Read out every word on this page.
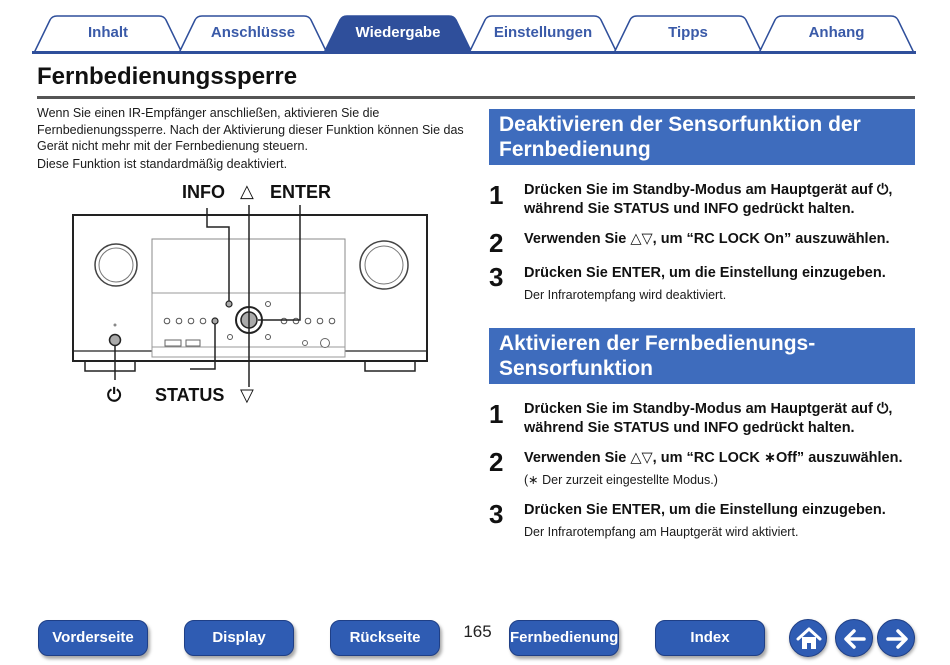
Inhalt	Anschlüsse	Wiedergabe	Einstellungen	Tipps	Anhang
Fernbedienungssperre

Wenn Sie einen IR-Empfänger anschließen, aktivieren Sie die Fernbedienungssperre. Nach der Aktivierung dieser Funktion können Sie das Gerät nicht mehr mit der Fernbedienung steuern.

Diese Funktion ist standardmäßig deaktiviert.

INFO △ ENTER
⏻ STATUS ▽
Deaktivieren der Sensorfunktion der Fernbedienung
1 Drücken Sie im Standby-Modus am Hauptgerät auf ⏻, während Sie STATUS und INFO gedrückt halten.
2 Verwenden Sie △▽, um “RC LOCK On” auszuwählen.
3 Drücken Sie ENTER, um die Einstellung einzugeben.
Der Infrarotempfang wird deaktiviert.
Aktivieren der Fernbedienungs-Sensorfunktion
1 Drücken Sie im Standby-Modus am Hauptgerät auf ⏻, während Sie STATUS und INFO gedrückt halten.
2 Verwenden Sie △▽, um “RC LOCK ∗Off” auszuwählen.
(∗ Der zurzeit eingestellte Modus.)
3 Drücken Sie ENTER, um die Einstellung einzugeben.
Der Infrarotempfang am Hauptgerät wird aktiviert.
Vorderseite	Display	Rückseite	165	Fernbedienung	Index
